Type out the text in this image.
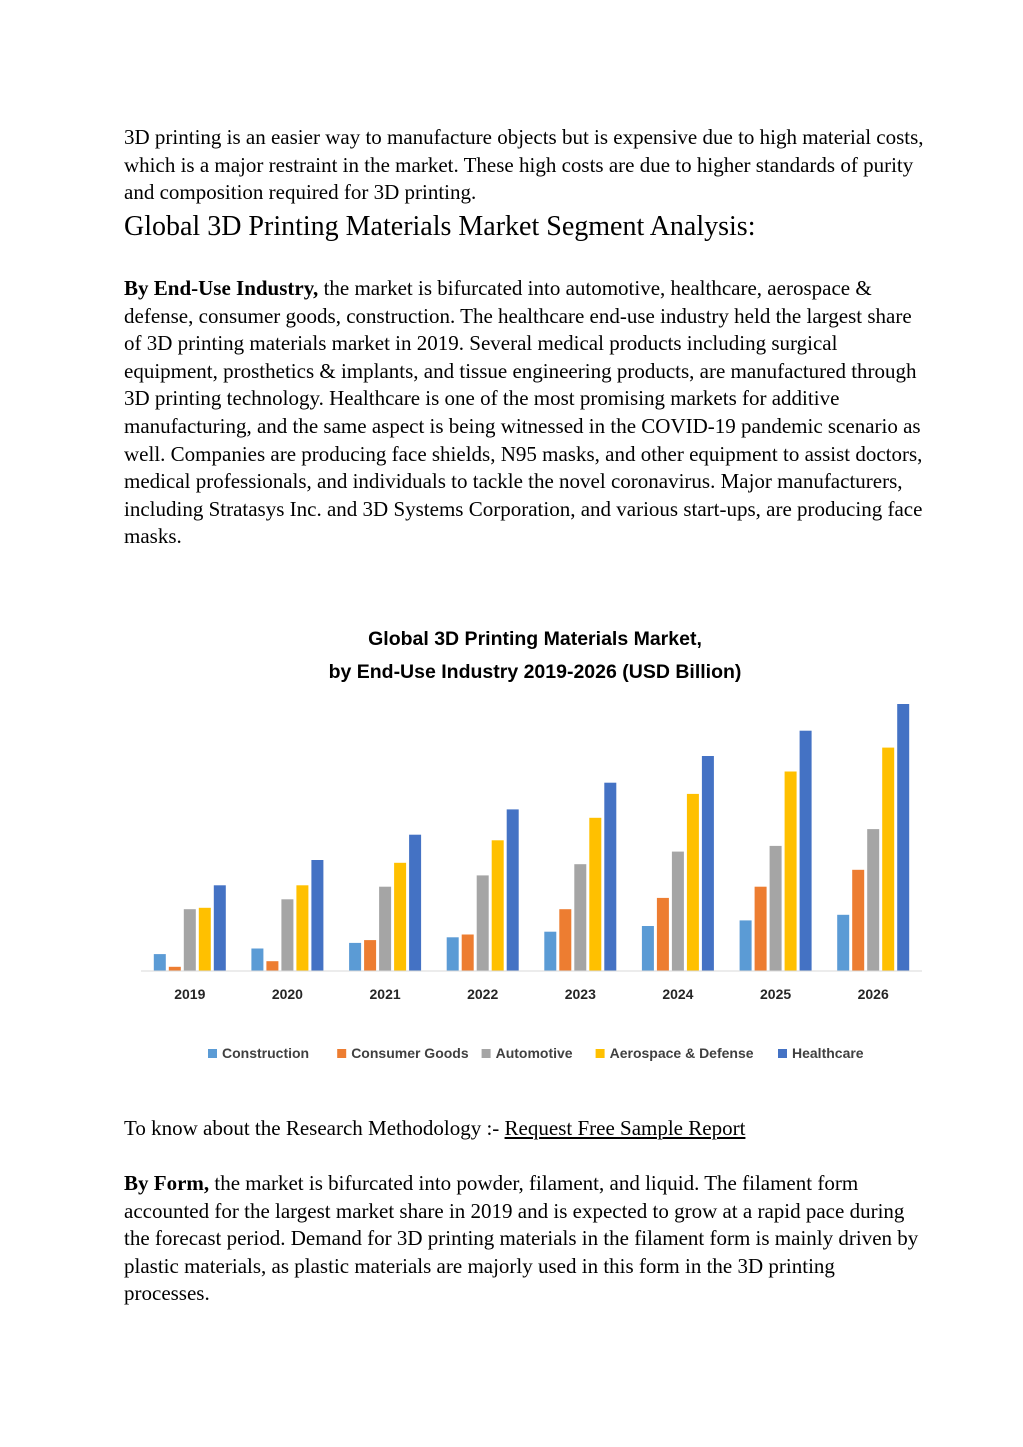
3D printing is an easier way to manufacture objects but is expensive due to high material costs, which is a major restraint in the market. These high costs are due to higher standards of purity and composition required for 3D printing.

Global 3D Printing Materials Market Segment Analysis:

By End-Use Industry, the market is bifurcated into automotive, healthcare, aerospace & defense, consumer goods, construction. The healthcare end-use industry held the largest share of 3D printing materials market in 2019. Several medical products including surgical equipment, prosthetics & implants, and tissue engineering products, are manufactured through 3D printing technology. Healthcare is one of the most promising markets for additive manufacturing, and the same aspect is being witnessed in the COVID-19 pandemic scenario as well. Companies are producing face shields, N95 masks, and other equipment to assist doctors, medical professionals, and individuals to tackle the novel coronavirus. Major manufacturers, including Stratasys Inc. and 3D Systems Corporation, and various start-ups, are producing face masks.

Global 3D Printing Materials Market,
by End-Use Industry 2019-2026 (USD Billion)
2019	2020	2021	2022	2023	2024	2025	2026
Construction	Consumer Goods Automotive	Aerospace & Defense	Healthcare

To know about the Research Methodology :- Request Free Sample Report

By Form, the market is bifurcated into powder, filament, and liquid. The filament form accounted for the largest market share in 2019 and is expected to grow at a rapid pace during the forecast period. Demand for 3D printing materials in the filament form is mainly driven by plastic materials, as plastic materials are majorly used in this form in the 3D printing processes.
